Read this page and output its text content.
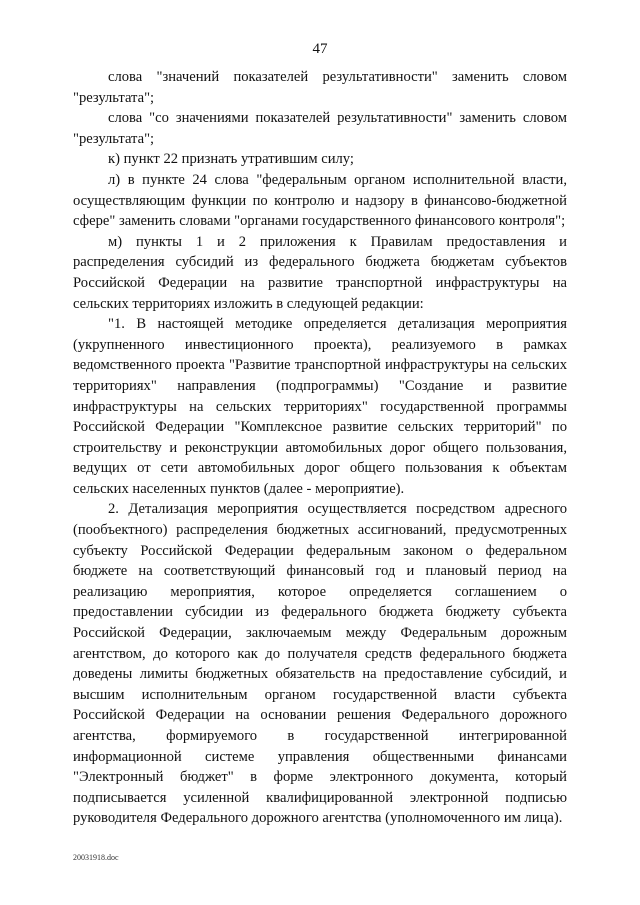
47

слова "значений показателей результативности" заменить словом "результата";

слова "со значениями показателей результативности" заменить словом "результата";

к) пункт 22 признать утратившим силу;

л) в пункте 24 слова "федеральным органом исполнительной власти, осуществляющим функции по контролю и надзору в финансово-бюджетной сфере" заменить словами "органами государственного финансового контроля";

м) пункты 1 и 2 приложения к Правилам предоставления и распределения субсидий из федерального бюджета бюджетам субъектов Российской Федерации на развитие транспортной инфраструктуры на сельских территориях изложить в следующей редакции:

"1. В настоящей методике определяется детализация мероприятия (укрупненного инвестиционного проекта), реализуемого в рамках ведомственного проекта "Развитие транспортной инфраструктуры на сельских территориях" направления (подпрограммы) "Создание и развитие инфраструктуры на сельских территориях" государственной программы Российской Федерации "Комплексное развитие сельских территорий" по строительству и реконструкции автомобильных дорог общего пользования, ведущих от сети автомобильных дорог общего пользования к объектам сельских населенных пунктов (далее - мероприятие).

2. Детализация мероприятия осуществляется посредством адресного (пообъектного) распределения бюджетных ассигнований, предусмотренных субъекту Российской Федерации федеральным законом о федеральном бюджете на соответствующий финансовый год и плановый период на реализацию мероприятия, которое определяется соглашением о предоставлении субсидии из федерального бюджета бюджету субъекта Российской Федерации, заключаемым между Федеральным дорожным агентством, до которого как до получателя средств федерального бюджета доведены лимиты бюджетных обязательств на предоставление субсидий, и высшим исполнительным органом государственной власти субъекта Российской Федерации на основании решения Федерального дорожного агентства, формируемого в государственной интегрированной информационной системе управления общественными финансами "Электронный бюджет" в форме электронного документа, который подписывается усиленной квалифицированной электронной подписью руководителя Федерального дорожного агентства (уполномоченного им лица).

20031918.doc
